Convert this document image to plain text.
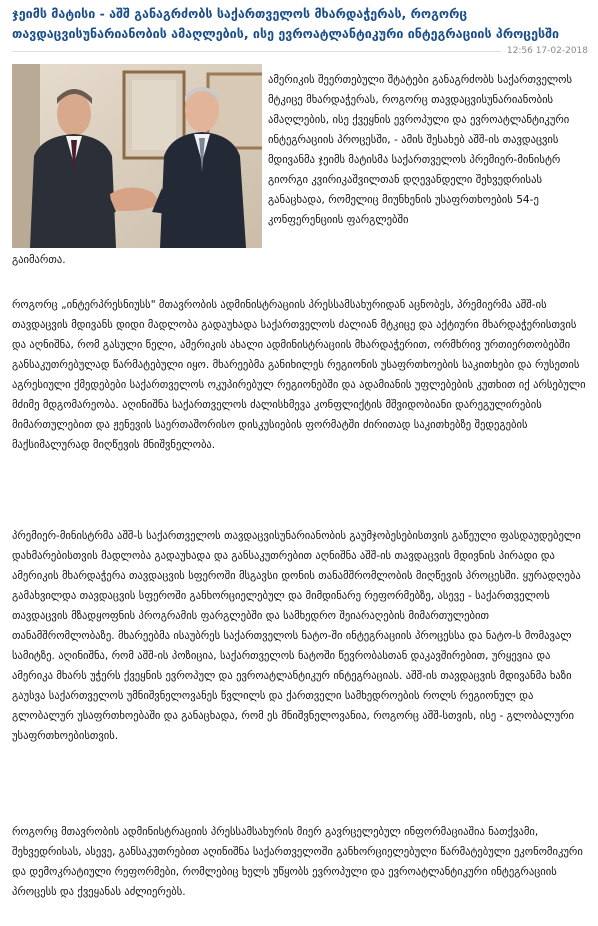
ჯეიმს მატისი - აშშ განაგრძობს საქართველოს მხარდაჭერას, როგორც თავდაცვისუნარიანობის ამაღლების, ისე ევროატლანტიკური ინტეგრაციის პროცესში
12:56 17-02-2018
ამერიკის შეერთებული შტატები განაგრძობს საქართველოს მტკიცე მხარდაჭერას, როგორც თავდაცვისუნარიანობის ამაღლების, ისე ქვეყნის ევროპული და ევროატლანტიკური ინტეგრაციის პროცესში, - ამის შესახებ აშშ-ის თავდაცვის მდივანმა ჯეიმს მატისმა საქართველოს პრემიერ-მინისტრ გიორგი კვირიკაშვილთან დღევანდელი შეხვედრისას განაცხადა, რომელიც მიუნხენის უსაფრთხოების 54-ე კონფერენციის ფარგლებში
გაიმართა.
როგორც „ინტერპრესნიუსს" მთავრობის ადმინისტრაციის პრესსამსახურიდან აცნობეს, პრემიერმა აშშ-ის თავდაცვის მდივანს დიდი მადლობა გადაუხადა საქართველოს ძალიან მტკიცე და აქტიური მხარდაჭერისთვის და აღნიშნა, რომ გასული წელი, ამერიკის ახალი ადმინისტრაციის მხარდაჭერით, ორმხრივ ურთიერთობებში განსაკუთრებულად წარმატებული იყო. მხარეებმა განიხილეს რეგიონის უსაფრთხოების საკითხები და რუსეთის აგრესიული ქმედებები საქართველოს ოკუპირებულ რეგიონებში და ადამიანის უფლებების კუთხით იქ არსებული მძიმე მდგომარეობა. აღინიშნა საქართველოს ძალისხმევა კონფლიქტის მშვიდობიანი დარეგულირების მიმართულებით და ჟენევის საერთაშორისო დისკუსიების ფორმატში ძირითად საკითხებზე შედეგების მაქსიმალურად მიღწევის მნიშვნელობა.
პრემიერ-მინისტრმა აშშ-ს საქართველოს თავდაცვისუნარიანობის გაუმჯობესებისთვის გაწეული ფასდაუდებელი დახმარებისთვის მადლობა გადაუხადა და განსაკუთრებით აღნიშნა აშშ-ის თავდაცვის მდივნის პირადი და ამერიკის მხარდაჭერა თავდაცვის სფეროში მსგავსი დონის თანამშრომლობის მიღწევის პროცესში. ყურადღება გამახვილდა თავდაცვის სფეროში განხორციელებულ და მიმდინარე რეფორმებზე, ასევე - საქართველოს თავდაცვის მზადყოფნის პროგრამის ფარგლებში და სამხედრო შეიარაღების მიმართულებით თანამშრომლობაზე. მხარეებმა ისაუბრეს საქართველოს ნატო-ში ინტეგრაციის პროცესსა და ნატო-ს მომავალ სამიტზე. აღინიშნა, რომ აშშ-ის პოზიცია, საქართველოს ნატოში წევრობასთან დაკავშირებით, ურყევია და ამერიკა მხარს უჭერს ქვეყნის ევროპულ და ევროატლანტიკურ ინტეგრაციას. აშშ-ის თავდაცვის მდივანმა ხაზი გაუსვა საქართველოს უმნიშვნელოვანეს წვლილს და ქართველი სამხედროების როლს რეგიონულ და გლობალურ უსაფრთხოებაში და განაცხადა, რომ ეს მნიშვნელოვანია, როგორც აშშ-სთვის, ისე - გლობალური უსაფრთხოებისთვის.
როგორც მთავრობის ადმინისტრაციის პრესსამსახურის მიერ გავრცელებულ ინფორმაციაშია ნათქვამი, შეხვედრისას, ასევე, განსაკუთრებით აღინიშნა საქართველოში განხორციელებული წარმატებული ეკონომიკური და დემოკრატიული რეფორმები, რომლებიც ხელს უწყობს ევროპული და ევროატლანტიკური ინტეგრაციის პროცესს და ქვეყანას აძლიერებს.
